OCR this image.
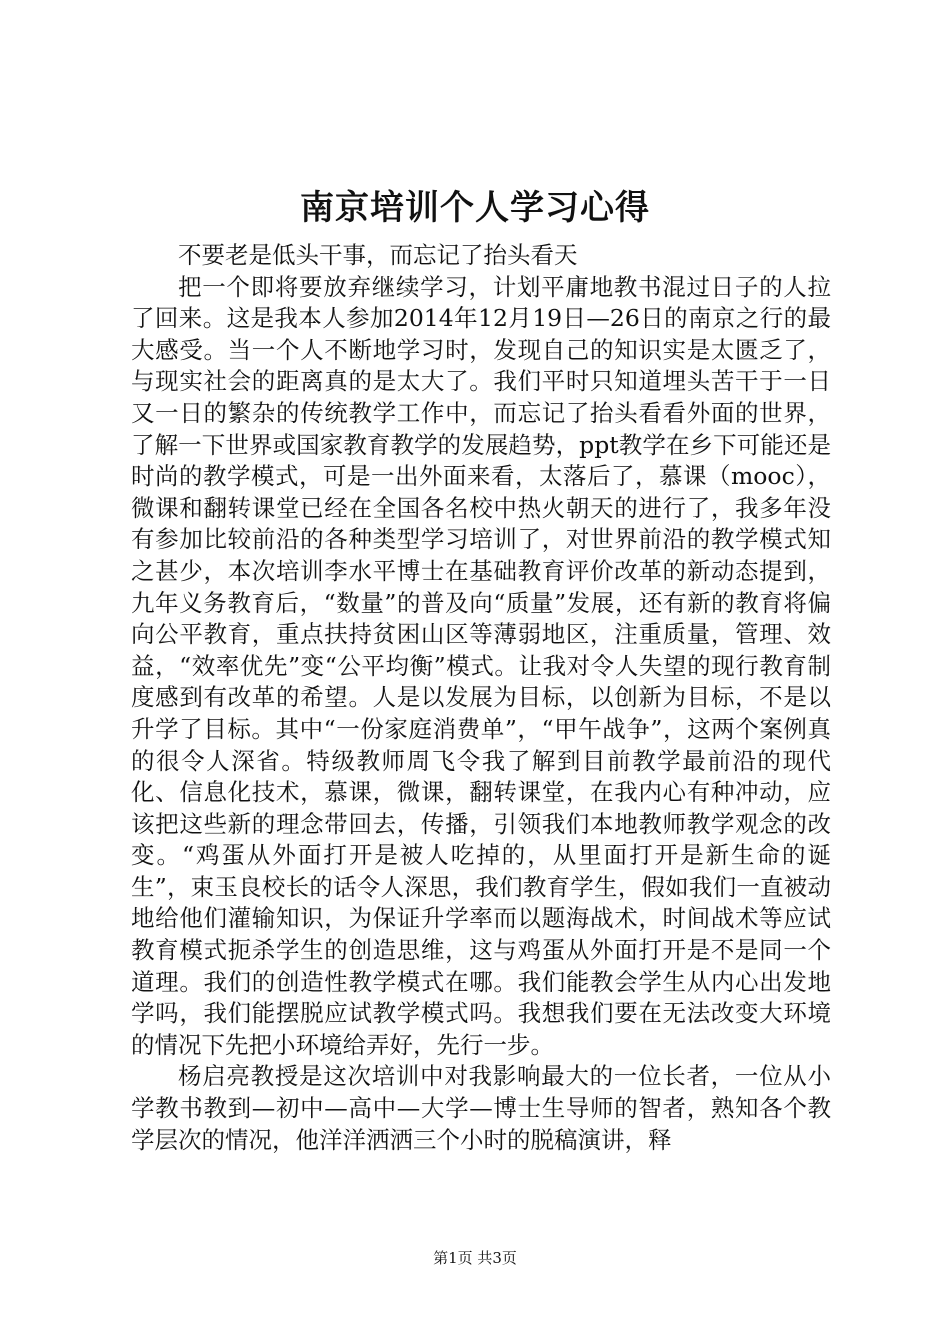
南京培训个人学习心得

不要老是低头干事，而忘记了抬头看天

把一个即将要放弃继续学习，计划平庸地教书混过日子的人拉了回来。这是我本人参加2014年12月19日—26日的南京之行的最大感受。当一个人不断地学习时，发现自己的知识实是太匮乏了，与现实社会的距离真的是太大了。我们平时只知道埋头苦干于一日又一日的繁杂的传统教学工作中，而忘记了抬头看看外面的世界，了解一下世界或国家教育教学的发展趋势，ppt教学在乡下可能还是时尚的教学模式，可是一出外面来看，太落后了，慕课（mooc），微课和翻转课堂已经在全国各名校中热火朝天的进行了，我多年没有参加比较前沿的各种类型学习培训了，对世界前沿的教学模式知之甚少，本次培训李水平博士在基础教育评价改革的新动态提到，九年义务教育后，“数量”的普及向“质量”发展，还有新的教育将偏向公平教育，重点扶持贫困山区等薄弱地区，注重质量，管理、效益，“效率优先”变“公平均衡”模式。让我对令人失望的现行教育制度感到有改革的希望。人是以发展为目标，以创新为目标，不是以升学了目标。其中“一份家庭消费单”，“甲午战争”，这两个案例真的很令人深省。特级教师周飞令我了解到目前教学最前沿的现代化、信息化技术，慕课，微课，翻转课堂，在我内心有种冲动，应该把这些新的理念带回去，传播，引领我们本地教师教学观念的改变。“鸡蛋从外面打开是被人吃掉的，从里面打开是新生命的诞生”，束玉良校长的话令人深思，我们教育学生，假如我们一直被动地给他们灌输知识，为保证升学率而以题海战术，时间战术等应试教育模式扼杀学生的创造思维，这与鸡蛋从外面打开是不是同一个道理。我们的创造性教学模式在哪。我们能教会学生从内心出发地学吗，我们能摆脱应试教学模式吗。我想我们要在无法改变大环境的情况下先把小环境给弄好，先行一步。

杨启亮教授是这次培训中对我影响最大的一位长者，一位从小学教书教到—初中—高中—大学—博士生导师的智者，熟知各个教学层次的情况，他洋洋洒洒三个小时的脱稿演讲，释

第1页 共3页
